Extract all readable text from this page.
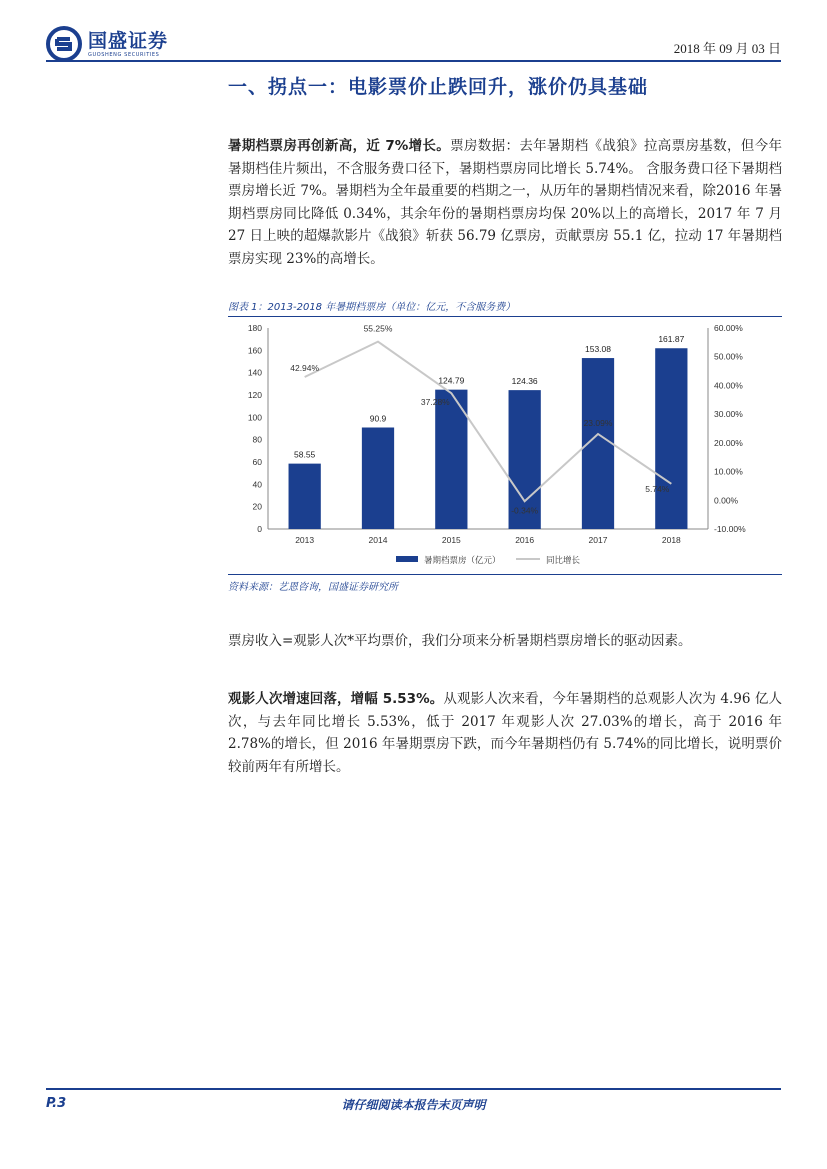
国盛证券
GUOSHENG SECURITIES	2018 年 09 月 03 日
一、拐点一：电影票价止跌回升，涨价仍具基础
暑期档票房再创新高，近 7%增长。票房数据：去年暑期档《战狼》拉高票房基数，但今年暑期档佳片频出，不含服务费口径下，暑期档票房同比增长 5.74%。 含服务费口径下暑期档票房增长近 7%。暑期档为全年最重要的档期之一，从历年的暑期档情况来看，除2016 年暑期档票房同比降低 0.34%，其余年份的暑期档票房均保 20%以上的高增长，2017 年 7 月 27 日上映的超爆款影片《战狼》斩获 56.79 亿票房，贡献票房 55.1 亿，拉动 17 年暑期档票房实现 23%的高增长。
图表 1：2013-2018 年暑期档票房（单位：亿元，不含服务费）
0
20
40
60
80
100
120
140
160
180
-10.00%
0.00%
10.00%
20.00%
30.00%
40.00%
50.00%
60.00%
58.55
2013
90.9
2014
124.79
2015
124.36
2016
153.08
2017
161.87
2018
42.94%
55.25%
37.28%
-0.34%
23.09%
5.74%
暑期档票房（亿元）	同比增长
资料来源：艺恩咨询，国盛证券研究所
票房收入=观影人次*平均票价，我们分项来分析暑期档票房增长的驱动因素。
观影人次增速回落，增幅 5.53%。从观影人次来看，今年暑期档的总观影人次为 4.96 亿人次，与去年同比增长 5.53%，低于 2017 年观影人次 27.03%的增长，高于 2016 年 2.78%的增长，但 2016 年暑期票房下跌，而今年暑期档仍有 5.74%的同比增长，说明票价较前两年有所增长。
P.3	请仔细阅读本报告末页声明
